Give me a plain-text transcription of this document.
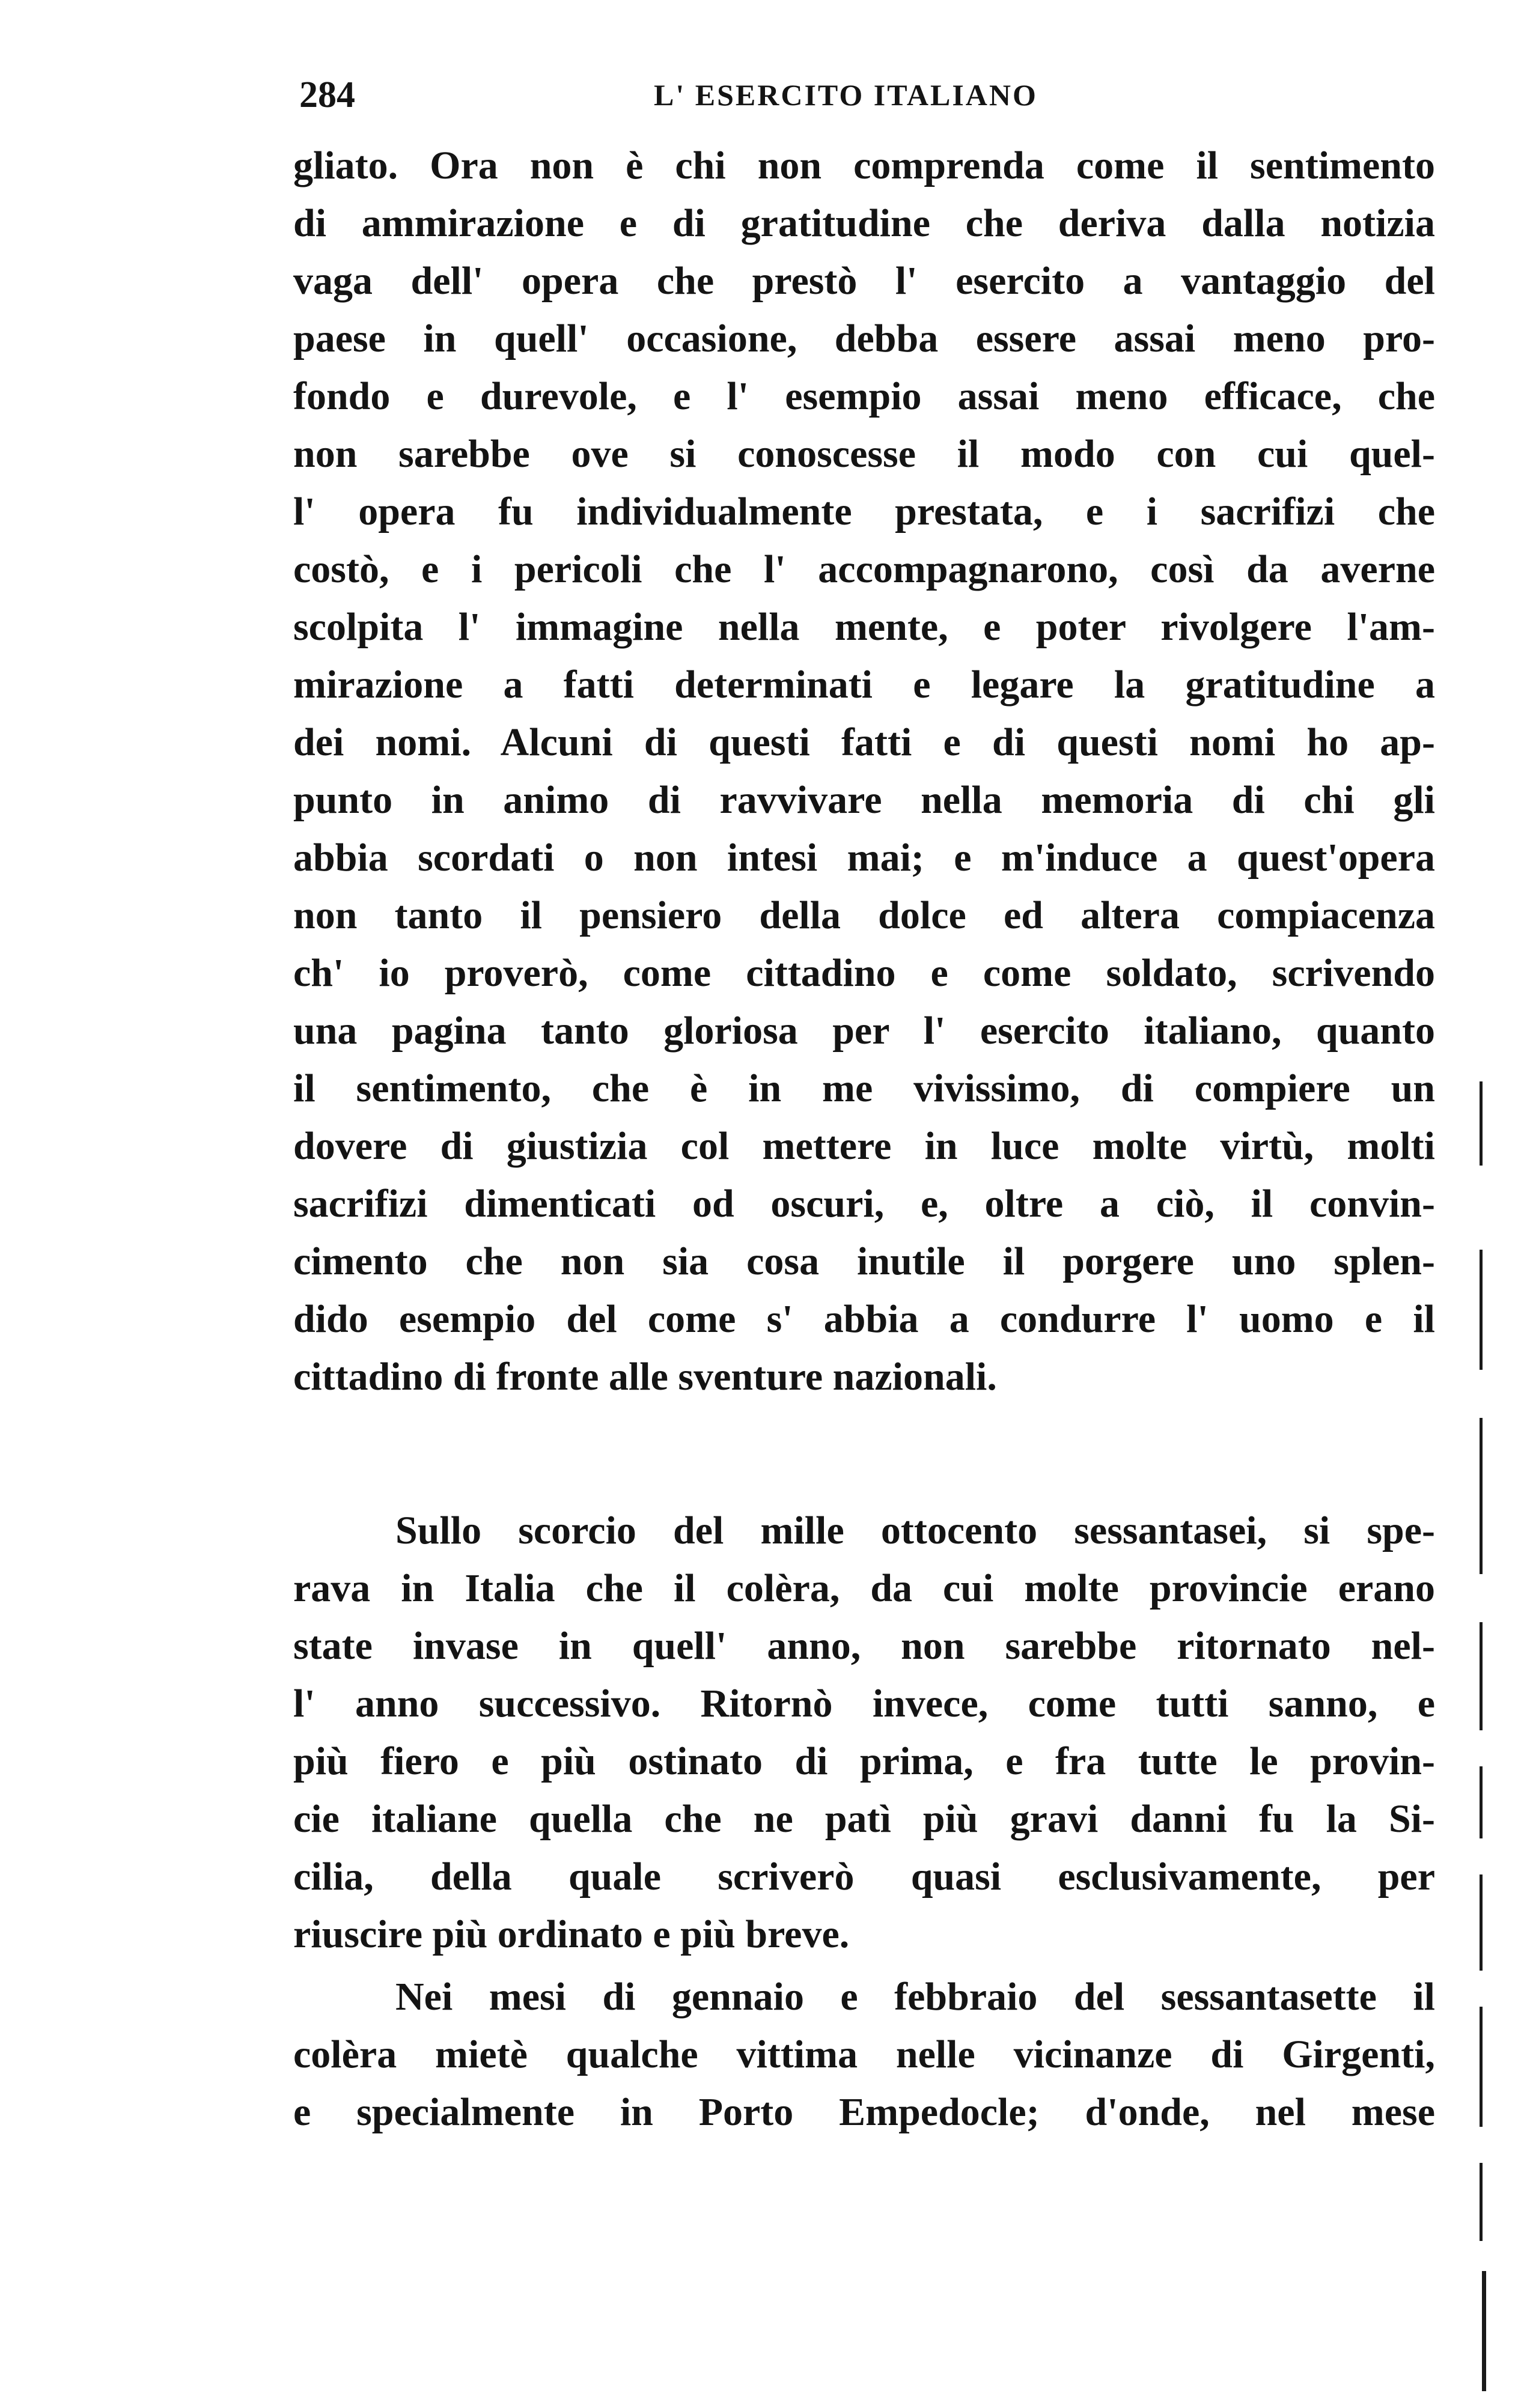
284	L' ESERCITO ITALIANO
gliato. Ora non è chi non comprenda come il sentimento
di ammirazione e di gratitudine che deriva dalla notizia
vaga dell' opera che prestò l' esercito a vantaggio del
paese in quell' occasione, debba essere assai meno pro-
fondo e durevole, e l' esempio assai meno efficace, che
non sarebbe ove si conoscesse il modo con cui quel-
l' opera fu individualmente prestata, e i sacrifizi che
costò, e i pericoli che l' accompagnarono, così da averne
scolpita l' immagine nella mente, e poter rivolgere l'am-
mirazione a fatti determinati e legare la gratitudine a
dei nomi. Alcuni di questi fatti e di questi nomi ho ap-
punto in animo di ravvivare nella memoria di chi gli
abbia scordati o non intesi mai; e m'induce a quest'opera
non tanto il pensiero della dolce ed altera compiacenza
ch' io proverò, come cittadino e come soldato, scrivendo
una pagina tanto gloriosa per l' esercito italiano, quanto
il sentimento, che è in me vivissimo, di compiere un
dovere di giustizia col mettere in luce molte virtù, molti
sacrifizi dimenticati od oscuri, e, oltre a ciò, il convin-
cimento che non sia cosa inutile il porgere uno splen-
dido esempio del come s' abbia a condurre l' uomo e il
cittadino di fronte alle sventure nazionali.
Sullo scorcio del mille ottocento sessantasei, si spe-
rava in Italia che il colèra, da cui molte provincie erano
state invase in quell' anno, non sarebbe ritornato nel-
l' anno successivo. Ritornò invece, come tutti sanno, e
più fiero e più ostinato di prima, e fra tutte le provin-
cie italiane quella che ne patì più gravi danni fu la Si-
cilia, della quale scriverò quasi esclusivamente, per
riuscire più ordinato e più breve.
Nei mesi di gennaio e febbraio del sessantasette il
colèra mietè qualche vittima nelle vicinanze di Girgenti,
e specialmente in Porto Empedocle; d'onde, nel mese
